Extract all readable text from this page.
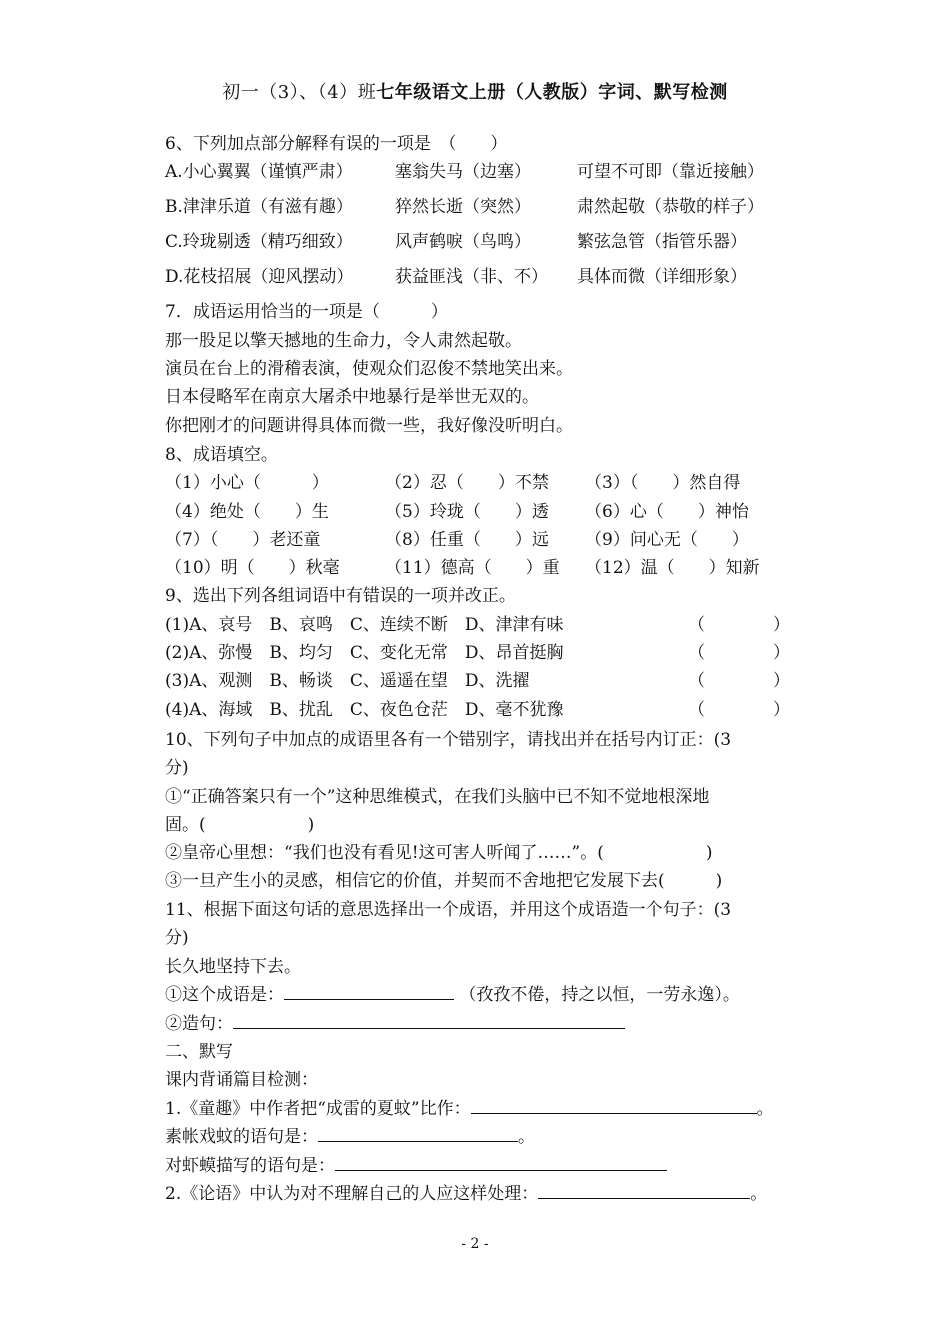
初一（3）、（4）班七年级语文上册（人教版）字词、默写检测
6、下列加点部分解释有误的一项是　（　　）
A.小心翼翼（谨慎严肃） 塞翁失马（边塞）	可望不可即（靠近接触）
B.津津乐道（有滋有趣） 猝然长逝（突然）	肃然起敬（恭敬的样子）
C.玲珑剔透（精巧细致） 风声鹤唳（鸟鸣）	繁弦急管（指管乐器）
D.花枝招展（迎风摆动） 获益匪浅（非、不） 具体而微（详细形象）
7．成语运用恰当的一项是（　　　）
那一股足以擎天撼地的生命力，令人肃然起敬。
演员在台上的滑稽表演，使观众们忍俊不禁地笑出来。
日本侵略军在南京大屠杀中地暴行是举世无双的。
你把刚才的问题讲得具体而微一些，我好像没听明白。
8、成语填空。
（1）小心（　　　）	（2）忍（　　）不禁 （3）（　　）然自得
（4）绝处（　　）生	（5）玲珑（　　）透 （6）心（　　）神怡
（7）（　　）老还童	（8）任重（　　）远 （9）问心无（　　）
（10）明（　　）秋毫	（11）德高（　　）重 （12）温（　　）知新
9、选出下列各组词语中有错误的一项并改正。
(1)A、哀号　B、哀鸣　C、连续不断　D、津津有味	（　　　　）
(2)A、弥慢　B、均匀　C、变化无常　D、昂首挺胸	（　　　　）
(3)A、观测　B、畅谈　C、遥遥在望　D、洗擢	（　　　　）
(4)A、海域　B、扰乱　C、夜色仓茫　D、毫不犹豫	（　　　　）
10、下列句子中加点的成语里各有一个错别字，请找出并在括号内订正：(3
分)
①“正确答案只有一个”这种思维模式，在我们头脑中已不知不觉地根深地
固。(　　　　　　)
②皇帝心里想：“我们也没有看见!这可害人听闻了……”。(　　　　　　)
③一旦产生小的灵感，相信它的价值，并契而不舍地把它发展下去(　　　)
11、根据下面这句话的意思选择出一个成语，并用这个成语造一个句子：(3
分)
长久地坚持下去。
①这个成语是：	（孜孜不倦，持之以恒，一劳永逸）。
②造句：
二、默写
课内背诵篇目检测：
1.《童趣》中作者把“成雷的夏蚊”比作：	。
素帐戏蚊的语句是：	。
对虾蟆描写的语句是：
2.《论语》中认为对不理解自己的人应这样处理：	。
- 2 -
